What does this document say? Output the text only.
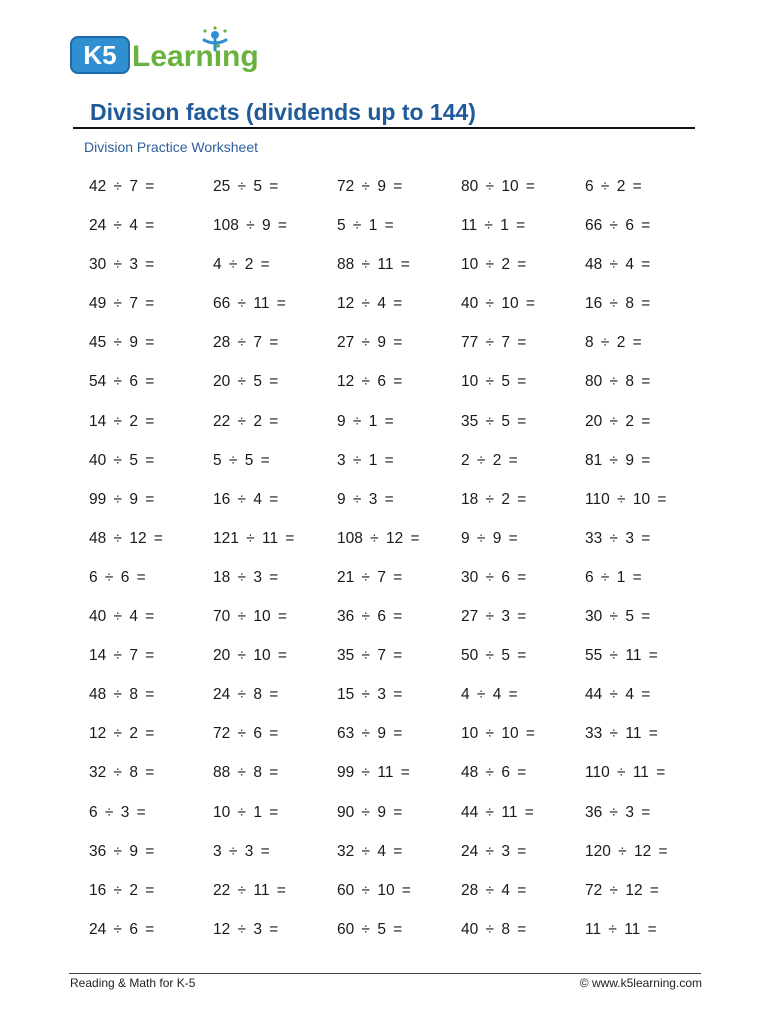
K5 Learning
Division facts (dividends up to 144)
Division Practice Worksheet
42 ÷ 7 =	25 ÷ 5 =	72 ÷ 9 =	80 ÷ 10 =	6 ÷ 2 =
24 ÷ 4 =	108 ÷ 9 =	5 ÷ 1 =	11 ÷ 1 =	66 ÷ 6 =
30 ÷ 3 =	4 ÷ 2 =	88 ÷ 11 =	10 ÷ 2 =	48 ÷ 4 =
49 ÷ 7 =	66 ÷ 11 =	12 ÷ 4 =	40 ÷ 10 =	16 ÷ 8 =
45 ÷ 9 =	28 ÷ 7 =	27 ÷ 9 =	77 ÷ 7 =	8 ÷ 2 =
54 ÷ 6 =	20 ÷ 5 =	12 ÷ 6 =	10 ÷ 5 =	80 ÷ 8 =
14 ÷ 2 =	22 ÷ 2 =	9 ÷ 1 =	35 ÷ 5 =	20 ÷ 2 =
40 ÷ 5 =	5 ÷ 5 =	3 ÷ 1 =	2 ÷ 2 =	81 ÷ 9 =
99 ÷ 9 =	16 ÷ 4 =	9 ÷ 3 =	18 ÷ 2 =	110 ÷ 10 =
48 ÷ 12 =	121 ÷ 11 =	108 ÷ 12 =	9 ÷ 9 =	33 ÷ 3 =
6 ÷ 6 =	18 ÷ 3 =	21 ÷ 7 =	30 ÷ 6 =	6 ÷ 1 =
40 ÷ 4 =	70 ÷ 10 =	36 ÷ 6 =	27 ÷ 3 =	30 ÷ 5 =
14 ÷ 7 =	20 ÷ 10 =	35 ÷ 7 =	50 ÷ 5 =	55 ÷ 11 =
48 ÷ 8 =	24 ÷ 8 =	15 ÷ 3 =	4 ÷ 4 =	44 ÷ 4 =
12 ÷ 2 =	72 ÷ 6 =	63 ÷ 9 =	10 ÷ 10 =	33 ÷ 11 =
32 ÷ 8 =	88 ÷ 8 =	99 ÷ 11 =	48 ÷ 6 =	110 ÷ 11 =
6 ÷ 3 =	10 ÷ 1 =	90 ÷ 9 =	44 ÷ 11 =	36 ÷ 3 =
36 ÷ 9 =	3 ÷ 3 =	32 ÷ 4 =	24 ÷ 3 =	120 ÷ 12 =
16 ÷ 2 =	22 ÷ 11 =	60 ÷ 10 =	28 ÷ 4 =	72 ÷ 12 =
24 ÷ 6 =	12 ÷ 3 =	60 ÷ 5 =	40 ÷ 8 =	11 ÷ 11 =
Reading & Math for K-5	© www.k5learning.com
